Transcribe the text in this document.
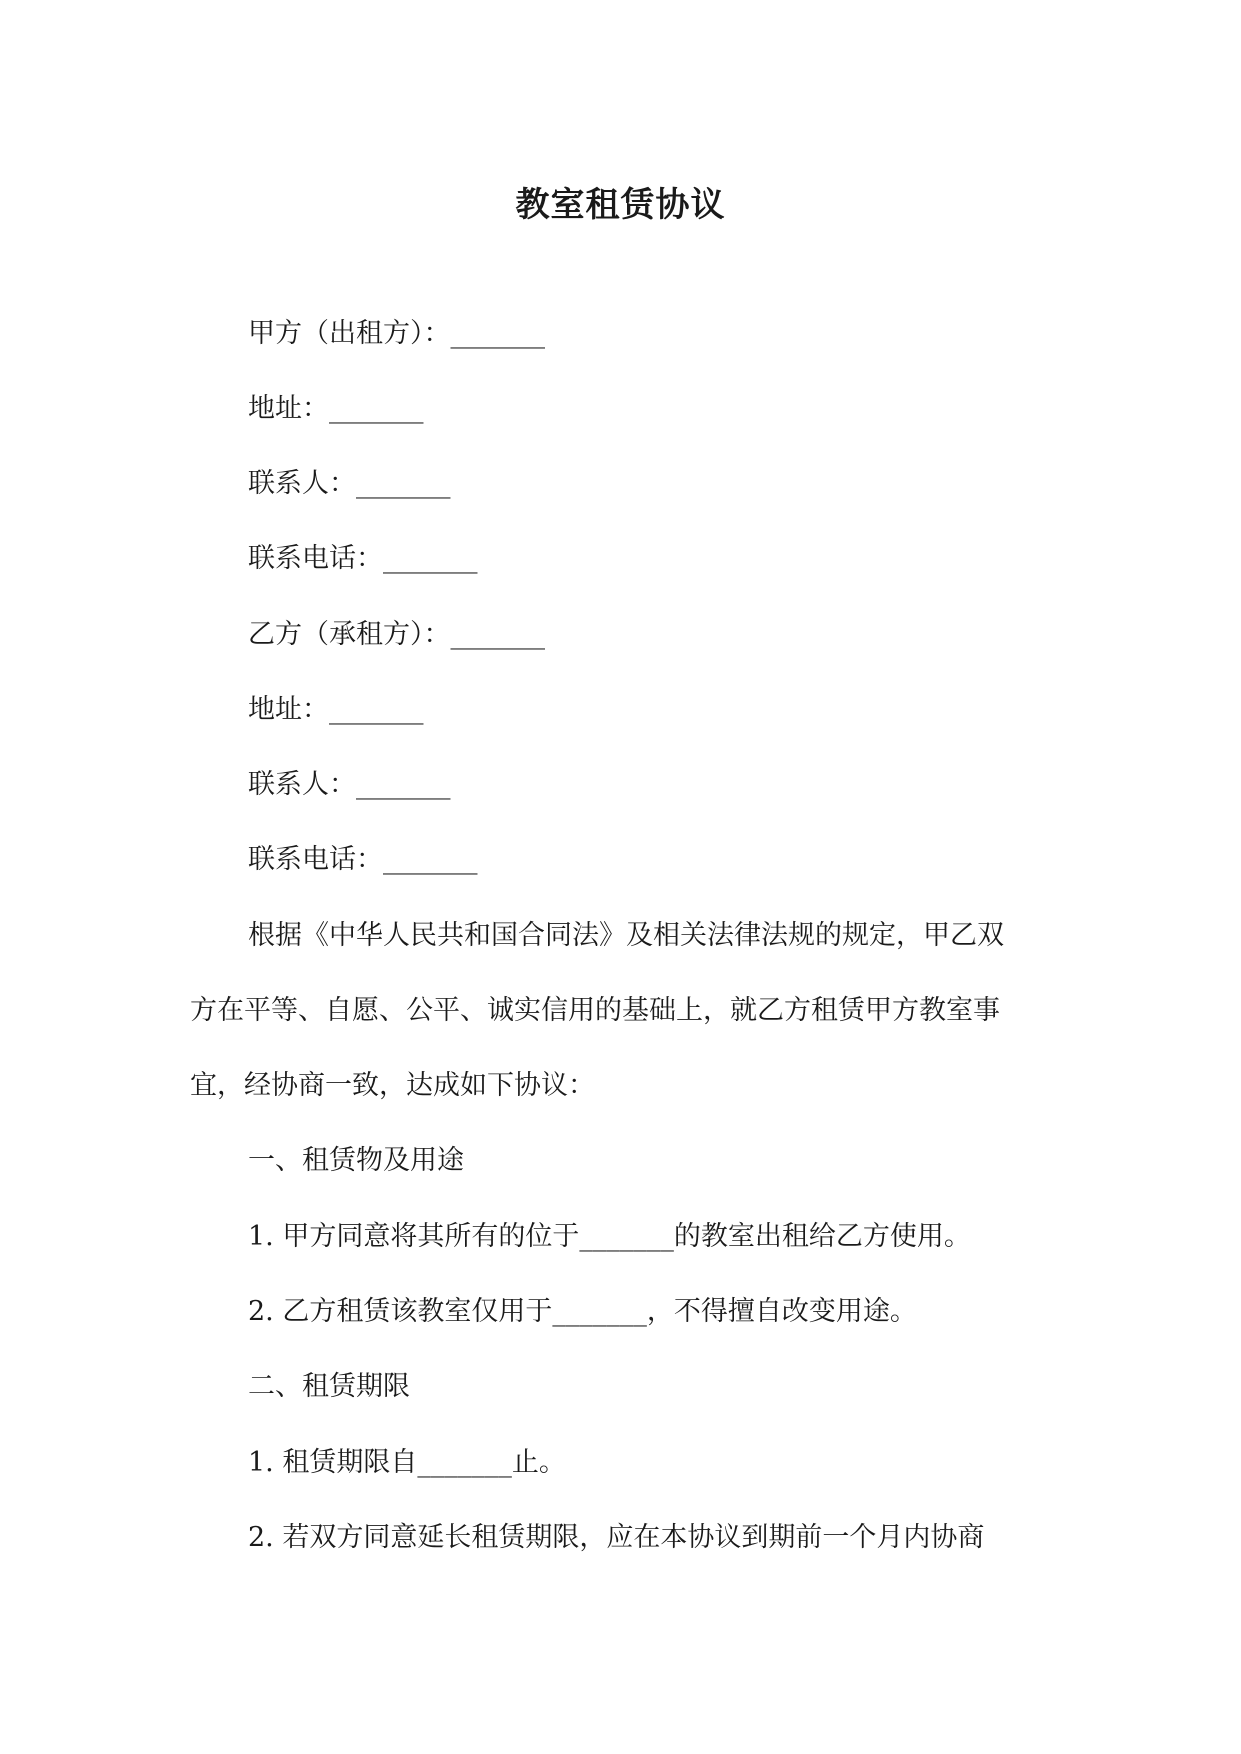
教室租赁协议
甲方（出租方）：_______
地址：_______
联系人：_______
联系电话：_______
乙方（承租方）：_______
地址：_______
联系人：_______
联系电话：_______
根据《中华人民共和国合同法》及相关法律法规的规定，甲乙双
方在平等、自愿、公平、诚实信用的基础上，就乙方租赁甲方教室事
宜，经协商一致，达成如下协议：
一、租赁物及用途
1. 甲方同意将其所有的位于_______的教室出租给乙方使用。
2. 乙方租赁该教室仅用于_______，不得擅自改变用途。
二、租赁期限
1. 租赁期限自_______止。
2. 若双方同意延长租赁期限，应在本协议到期前一个月内协商
